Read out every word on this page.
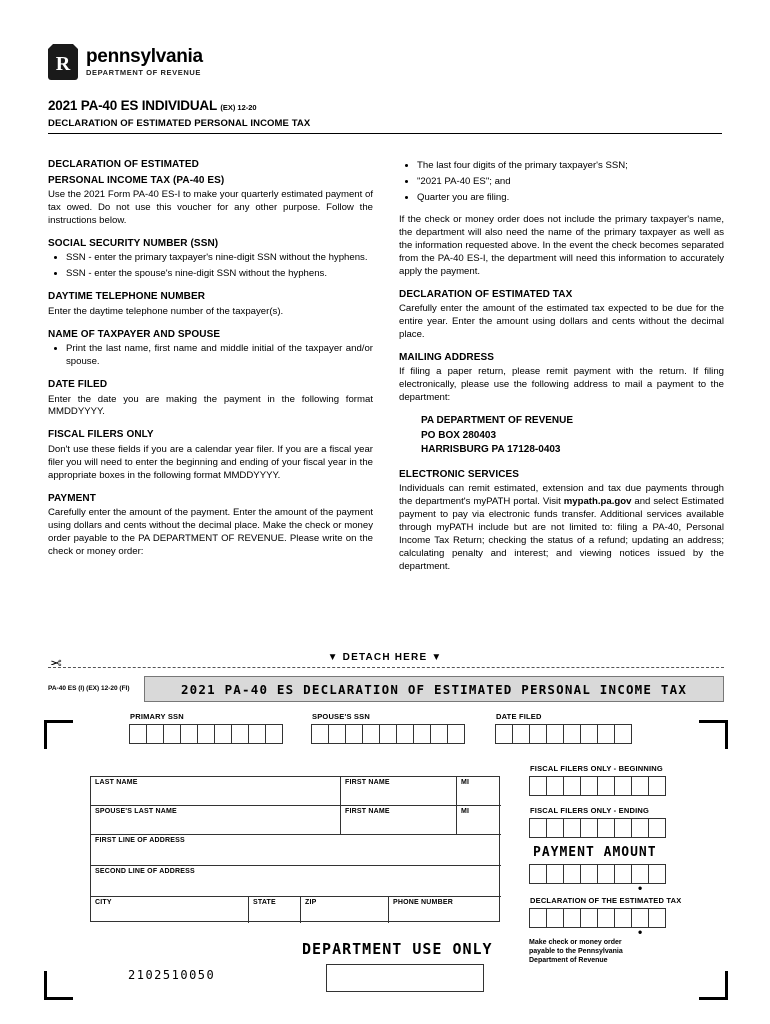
R pennsylvania
DEPARTMENT OF REVENUE
2021 PA-40 ES INDIVIDUAL (EX) 12-20
DECLARATION OF ESTIMATED PERSONAL INCOME TAX
DECLARATION OF ESTIMATED
PERSONAL INCOME TAX (PA-40 ES)

Use the 2021 Form PA-40 ES-I to make your quarterly estimated payment of tax owed. Do not use this voucher for any other purpose. Follow the instructions below.

SOCIAL SECURITY NUMBER (SSN)
• SSN - enter the primary taxpayer's nine-digit SSN without the hyphens.
• SSN - enter the spouse's nine-digit SSN without the hyphens.
DAYTIME TELEPHONE NUMBER

Enter the daytime telephone number of the taxpayer(s).

NAME OF TAXPAYER AND SPOUSE
• Print the last name, first name and middle initial of the taxpayer and/or spouse.
DATE FILED

Enter the date you are making the payment in the following format MMDDYYYY.

FISCAL FILERS ONLY

Don't use these fields if you are a calendar year filer. If you are a fiscal year filer you will need to enter the beginning and ending of your fiscal year in the appropriate boxes in the following format MMDDYYYY.

PAYMENT

Carefully enter the amount of the payment. Enter the amount of the payment using dollars and cents without the decimal place. Make the check or money order payable to the PA DEPARTMENT OF REVENUE. Please write on the check or money order:

• The last four digits of the primary taxpayer's SSN;
• "2021 PA-40 ES"; and
• Quarter you are filing.

If the check or money order does not include the primary taxpayer's name, the department will also need the name of the primary taxpayer as well as the information requested above. In the event the check becomes separated from the PA-40 ES-I, the department will need this information to accurately apply the payment.

DECLARATION OF ESTIMATED TAX

Carefully enter the amount of the estimated tax expected to be due for the entire year. Enter the amount using dollars and cents without the decimal place.

MAILING ADDRESS

If filing a paper return, please remit payment with the return. If filing electronically, please use the following address to mail a payment to the department:

PA DEPARTMENT OF REVENUE
PO BOX 280403
HARRISBURG PA 17128-0403
ELECTRONIC SERVICES

Individuals can remit estimated, extension and tax due payments through the department's myPATH portal. Visit mypath.pa.gov and select Estimated payment to pay via electronic funds transfer. Additional services available through myPATH include but are not limited to: filing a PA-40, Personal Income Tax Return; checking the status of a refund; updating an address; calculating penalty and interest; and viewing notices issued by the department.

▼ DETACH HERE ▼
✂
PA-40 ES (I) (EX) 12-20 (FI)	2021 PA-40 ES DECLARATION OF ESTIMATED PERSONAL INCOME TAX
PRIMARY SSN	SPOUSE'S SSN	DATE FILED
LAST NAME	FIRST NAME	MI
SPOUSE'S LAST NAME	FIRST NAME	MI
FIRST LINE OF ADDRESS
SECOND LINE OF ADDRESS
CITY	STATE	ZIP	PHONE NUMBER
FISCAL FILERS ONLY - BEGINNING
FISCAL FILERS ONLY - ENDING
PAYMENT AMOUNT
•
DECLARATION OF THE ESTIMATED TAX
•
Make check or money order
payable to the Pennsylvania
Department of Revenue
DEPARTMENT USE ONLY
2102510050
